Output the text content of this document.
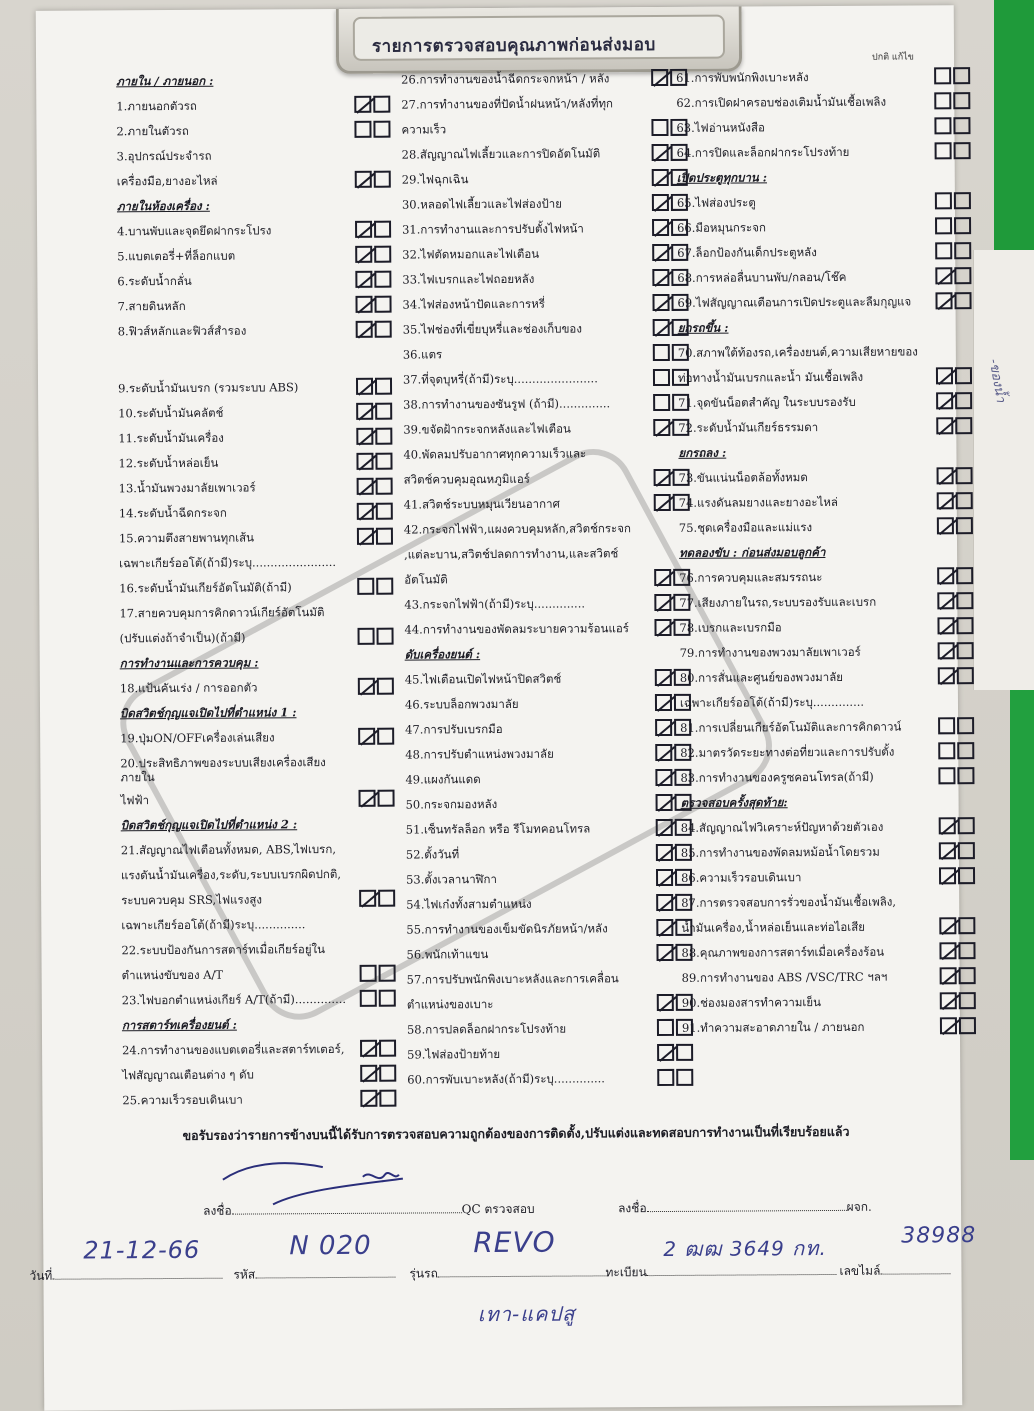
-ของน้ำ
รายการตรวจสอบคุณภาพก่อนส่งมอบ
ปกติ แก้ไข
ภายใน / ภายนอก :
1.ภายนอกตัวรถ
2.ภายในตัวรถ
3.อุปกรณ์ประจำรถ
เครื่องมือ,ยางอะไหล่
ภายในห้องเครื่อง :
4.บานพับและจุดยึดฝากระโปรง
5.แบตเตอรี่+ที่ล็อกแบต
6.ระดับน้ำกลั่น
7.สายดินหลัก
8.ฟิวส์หลักและฟิวส์สำรอง
9.ระดับน้ำมันเบรก (รวมระบบ ABS)
10.ระดับน้ำมันคลัตช์
11.ระดับน้ำมันเครื่อง
12.ระดับน้ำหล่อเย็น
13.น้ำมันพวงมาลัยเพาเวอร์
14.ระดับน้ำฉีดกระจก
15.ความตึงสายพานทุกเส้น
เฉพาะเกียร์ออโต้(ถ้ามี)ระบุ.......................
16.ระดับน้ำมันเกียร์อัตโนมัติ(ถ้ามี)
17.สายควบคุมการคิกดาวน์เกียร์อัตโนมัติ
(ปรับแต่งถ้าจำเป็น)(ถ้ามี)
การทำงานและการควบคุม :
18.แป้นคันเร่ง / การออกตัว
บิดสวิตช์กุญแจเปิดไปที่ตำแหน่ง 1 :
19.ปุ่มON/OFFเครื่องเล่นเสียง
20.ประสิทธิภาพของระบบเสียงเครื่องเสียงภายใน
ไฟฟ้า
บิดสวิตช์กุญแจเปิดไปที่ตำแหน่ง 2 :
21.สัญญาณไฟเตือนทั้งหมด, ABS,ไฟเบรก,
แรงดันน้ำมันเครื่อง,ระดับ,ระบบเบรกผิดปกติ,
ระบบควบคุม SRS,ไฟแรงสูง
เฉพาะเกียร์ออโต้(ถ้ามี)ระบุ..............
22.ระบบป้องกันการสตาร์ทเมื่อเกียร์อยู่ใน
ตำแหน่งขับของ A/T
23.ไฟบอกตำแหน่งเกียร์ A/T(ถ้ามี)..............
การสตาร์ทเครื่องยนต์ :
24.การทำงานของแบตเตอรี่และสตาร์ทเตอร์,
ไฟสัญญาณเตือนต่าง ๆ ดับ
25.ความเร็วรอบเดินเบา
26.การทำงานของน้ำฉีดกระจกหน้า / หลัง
27.การทำงานของที่ปัดน้ำฝนหน้า/หลังที่ทุก
ความเร็ว
28.สัญญาณไฟเลี้ยวและการปิดอัตโนมัติ
29.ไฟฉุกเฉิน
30.หลอดไฟเลี้ยวและไฟส่องป้าย
31.การทำงานและการปรับตั้งไฟหน้า
32.ไฟตัดหมอกและไฟเตือน
33.ไฟเบรกและไฟถอยหลัง
34.ไฟส่องหน้าปัดและการหรี่
35.ไฟช่องที่เขี่ยบุหรี่และช่องเก็บของ
36.แตร
37.ที่จุดบุหรี่(ถ้ามี)ระบุ.......................
38.การทำงานของซันรูฟ (ถ้ามี)..............
39.ขจัดฝ้ากระจกหลังและไฟเตือน
40.พัดลมปรับอากาศทุกความเร็วและ
สวิตช์ควบคุมอุณหภูมิแอร์
41.สวิตช์ระบบหมุนเวียนอากาศ
42.กระจกไฟฟ้า,แผงควบคุมหลัก,สวิตช์กระจก
,แต่ละบาน,สวิตช์ปลดการทำงาน,และสวิตช์
อัตโนมัติ
43.กระจกไฟฟ้า(ถ้ามี)ระบุ..............
44.การทำงานของพัดลมระบายความร้อนแอร์
ดับเครื่องยนต์ :
45.ไฟเตือนเปิดไฟหน้าปิดสวิตช์
46.ระบบล็อกพวงมาลัย
47.การปรับเบรกมือ
48.การปรับตำแหน่งพวงมาลัย
49.แผงกันแดด
50.กระจกมองหลัง
51.เซ็นทรัลล็อก หรือ รีโมทคอนโทรล
52.ตั้งวันที่
53.ตั้งเวลานาฬิกา
54.ไฟเก๋งทั้งสามตำแหน่ง
55.การทำงานของเข็มขัดนิรภัยหน้า/หลัง
56.พนักเท้าแขน
57.การปรับพนักพิงเบาะหลังและการเคลื่อน
ตำแหน่งของเบาะ
58.การปลดล็อกฝากระโปรงท้าย
59.ไฟส่องป้ายท้าย
60.การพับเบาะหลัง(ถ้ามี)ระบุ..............
61.การพับพนักพิงเบาะหลัง
62.การเปิดฝาครอบช่องเติมน้ำมันเชื้อเพลิง
63.ไฟอ่านหนังสือ
64.การปิดและล็อกฝากระโปรงท้าย
เปิดประตูทุกบาน :
65.ไฟส่องประตู
66.มือหมุนกระจก
67.ล็อกป้องกันเด็กประตูหลัง
68.การหล่อลื่นบานพับ/กลอน/โช๊ค
69.ไฟสัญญาณเตือนการเปิดประตูและลืมกุญแจ
ยกรถขึ้น :
70.สภาพใต้ท้องรถ,เครื่องยนต์,ความเสียหายของ
ท่อทางน้ำมันเบรกและน้ำ มันเชื้อเพลิง
71.จุดขันน็อตสำคัญ ในระบบรองรับ
72.ระดับน้ำมันเกียร์ธรรมดา
ยกรถลง :
73.ขันแน่นน็อตล้อทั้งหมด
74.แรงดันลมยางและยางอะไหล่
75.ชุดเครื่องมือและแม่แรง
ทดลองขับ : ก่อนส่งมอบลูกค้า
76.การควบคุมและสมรรถนะ
77.เสียงภายในรถ,ระบบรองรับและเบรก
78.เบรกและเบรกมือ
79.การทำงานของพวงมาลัยเพาเวอร์
80.การสั่นและศูนย์ของพวงมาลัย
เฉพาะเกียร์ออโต้(ถ้ามี)ระบุ..............
81.การเปลี่ยนเกียร์อัตโนมัติและการคิกดาวน์
82.มาตรวัดระยะทางต่อที่ยวและการปรับตั้ง
83.การทำงานของครูซคอนโทรล(ถ้ามี)
ตรวจสอบครั้งสุดท้าย:
84.สัญญาณไฟวิเคราะห์ปัญหาด้วยตัวเอง
85.การทำงานของพัดลมหม้อน้ำโดยรวม
86.ความเร็วรอบเดินเบา
87.การตรวจสอบการรั่วของน้ำมันเชื้อเพลิง,
น้ำมันเครื่อง,น้ำหล่อเย็นและท่อไอเสีย
88.คุณภาพของการสตาร์ทเมื่อเครื่องร้อน
89.การทำงานของ ABS /VSC/TRC ฯลฯ
90.ช่องมองสารทำความเย็น
91.ทำความสะอาดภายใน / ภายนอก
ขอรับรองว่ารายการข้างบนนี้ได้รับการตรวจสอบความถูกต้องของการติดตั้ง,ปรับแต่งและทดสอบการทำงานเป็นที่เรียบร้อยแล้ว
ลงชื่อ	QC ตรวจสอบ	ลงชื่อ	ผจก.
วันที่
21-12-66
รหัส
N 020
รุ่นรถ
REVO
ทะเบียน
2 ฒฒ 3649 กท.
เลขไมล์
38988
เทา-แคปสู
